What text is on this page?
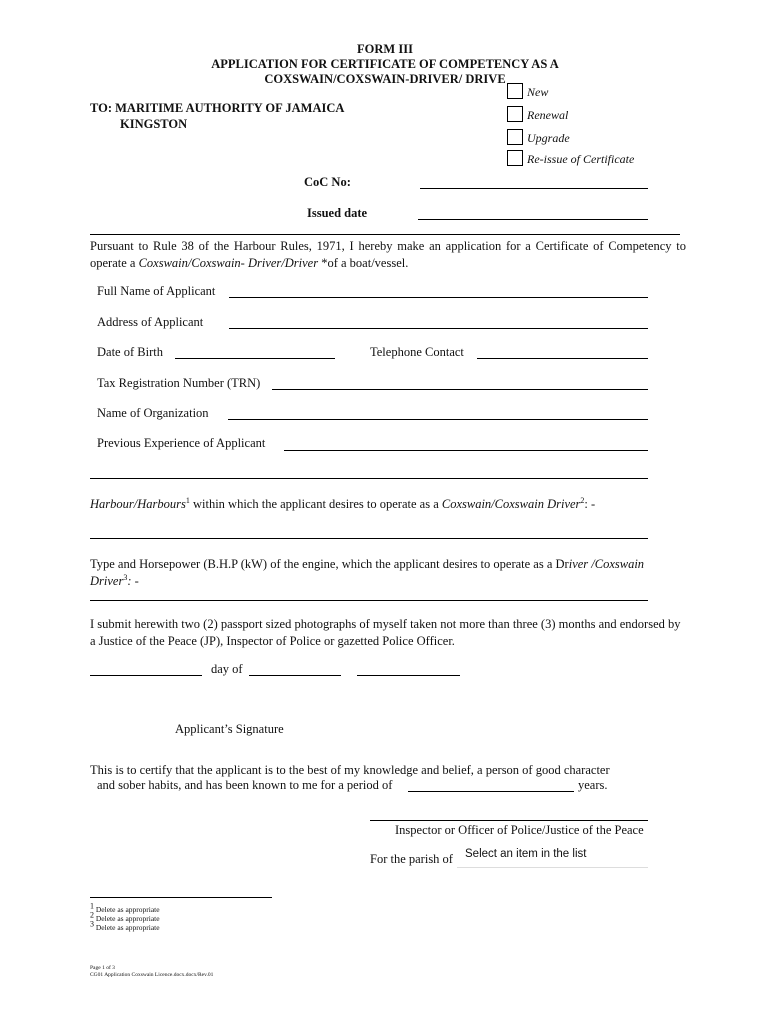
FORM III
APPLICATION FOR CERTIFICATE OF COMPETENCY AS A
COXSWAIN/COXSWAIN-DRIVER/ DRIVE
TO: MARITIME AUTHORITY OF JAMAICA
KINGSTON
New
Renewal
Upgrade
Re-issue of Certificate
CoC No:
Issued date
Pursuant to Rule 38 of the Harbour Rules, 1971, I hereby make an application for a Certificate of Competency to operate a Coxswain/Coxswain- Driver/Driver *of a boat/vessel.
Full Name of Applicant
Address of Applicant
Date of Birth	Telephone Contact
Tax Registration Number (TRN)
Name of Organization
Previous Experience of Applicant
Harbour/Harbours$^1$ within which the applicant desires to operate as a Coxswain/Coxswain Driver$^2$: -
Type and Horsepower (B.H.P (kW) of the engine, which the applicant desires to operate as a Driver /Coxswain Driver$^3$: -
I submit herewith two (2) passport sized photographs of myself taken not more than three (3) months and endorsed by a Justice of the Peace (JP), Inspector of Police or gazetted Police Officer.
day of
Applicant’s Signature
This is to certify that the applicant is to the best of my knowledge and belief, a person of good character
and sober habits, and has been known to me for a period of	years.
Inspector or Officer of Police/Justice of the Peace
For the parish of	Select an item in the list
$^1$ Delete as appropriate
$^2$ Delete as appropriate
$^3$ Delete as appropriate
Page 1 of 3
CG01 Application Coxswain Licence.docx.docx/Rev.01
